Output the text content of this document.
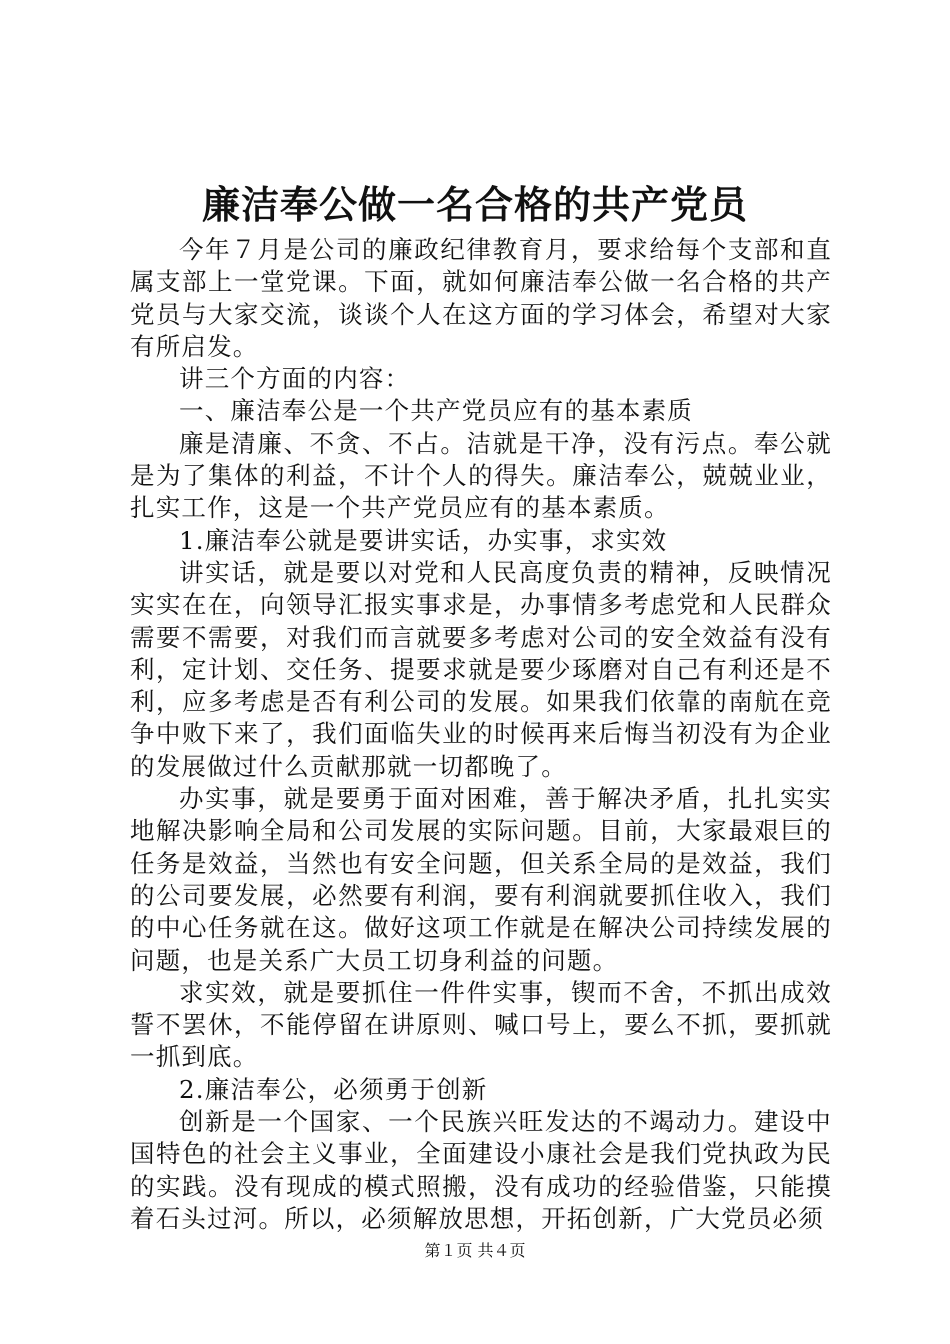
廉洁奉公做一名合格的共产党员

今年７月是公司的廉政纪律教育月，要求给每个支部和直属支部上一堂党课。下面，就如何廉洁奉公做一名合格的共产党员与大家交流，谈谈个人在这方面的学习体会，希望对大家有所启发。

讲三个方面的内容：

一、廉洁奉公是一个共产党员应有的基本素质

廉是清廉、不贪、不占。洁就是干净，没有污点。奉公就是为了集体的利益，不计个人的得失。廉洁奉公，兢兢业业，扎实工作，这是一个共产党员应有的基本素质。

1.廉洁奉公就是要讲实话，办实事，求实效

讲实话，就是要以对党和人民高度负责的精神，反映情况实实在在，向领导汇报实事求是，办事情多考虑党和人民群众需要不需要，对我们而言就要多考虑对公司的安全效益有没有利，定计划、交任务、提要求就是要少琢磨对自己有利还是不利，应多考虑是否有利公司的发展。如果我们依靠的南航在竞争中败下来了，我们面临失业的时候再来后悔当初没有为企业的发展做过什么贡献那就一切都晚了。

办实事，就是要勇于面对困难，善于解决矛盾，扎扎实实地解决影响全局和公司发展的实际问题。目前，大家最艰巨的任务是效益，当然也有安全问题，但关系全局的是效益，我们的公司要发展，必然要有利润，要有利润就要抓住收入，我们的中心任务就在这。做好这项工作就是在解决公司持续发展的问题，也是关系广大员工切身利益的问题。

求实效，就是要抓住一件件实事，锲而不舍，不抓出成效誓不罢休，不能停留在讲原则、喊口号上，要么不抓，要抓就一抓到底。

2.廉洁奉公，必须勇于创新

创新是一个国家、一个民族兴旺发达的不竭动力。建设中国特色的社会主义事业，全面建设小康社会是我们党执政为民的实践。没有现成的模式照搬，没有成功的经验借鉴，只能摸着石头过河。所以，必须解放思想，开拓创新，广大党员必须

第１页 共４页
